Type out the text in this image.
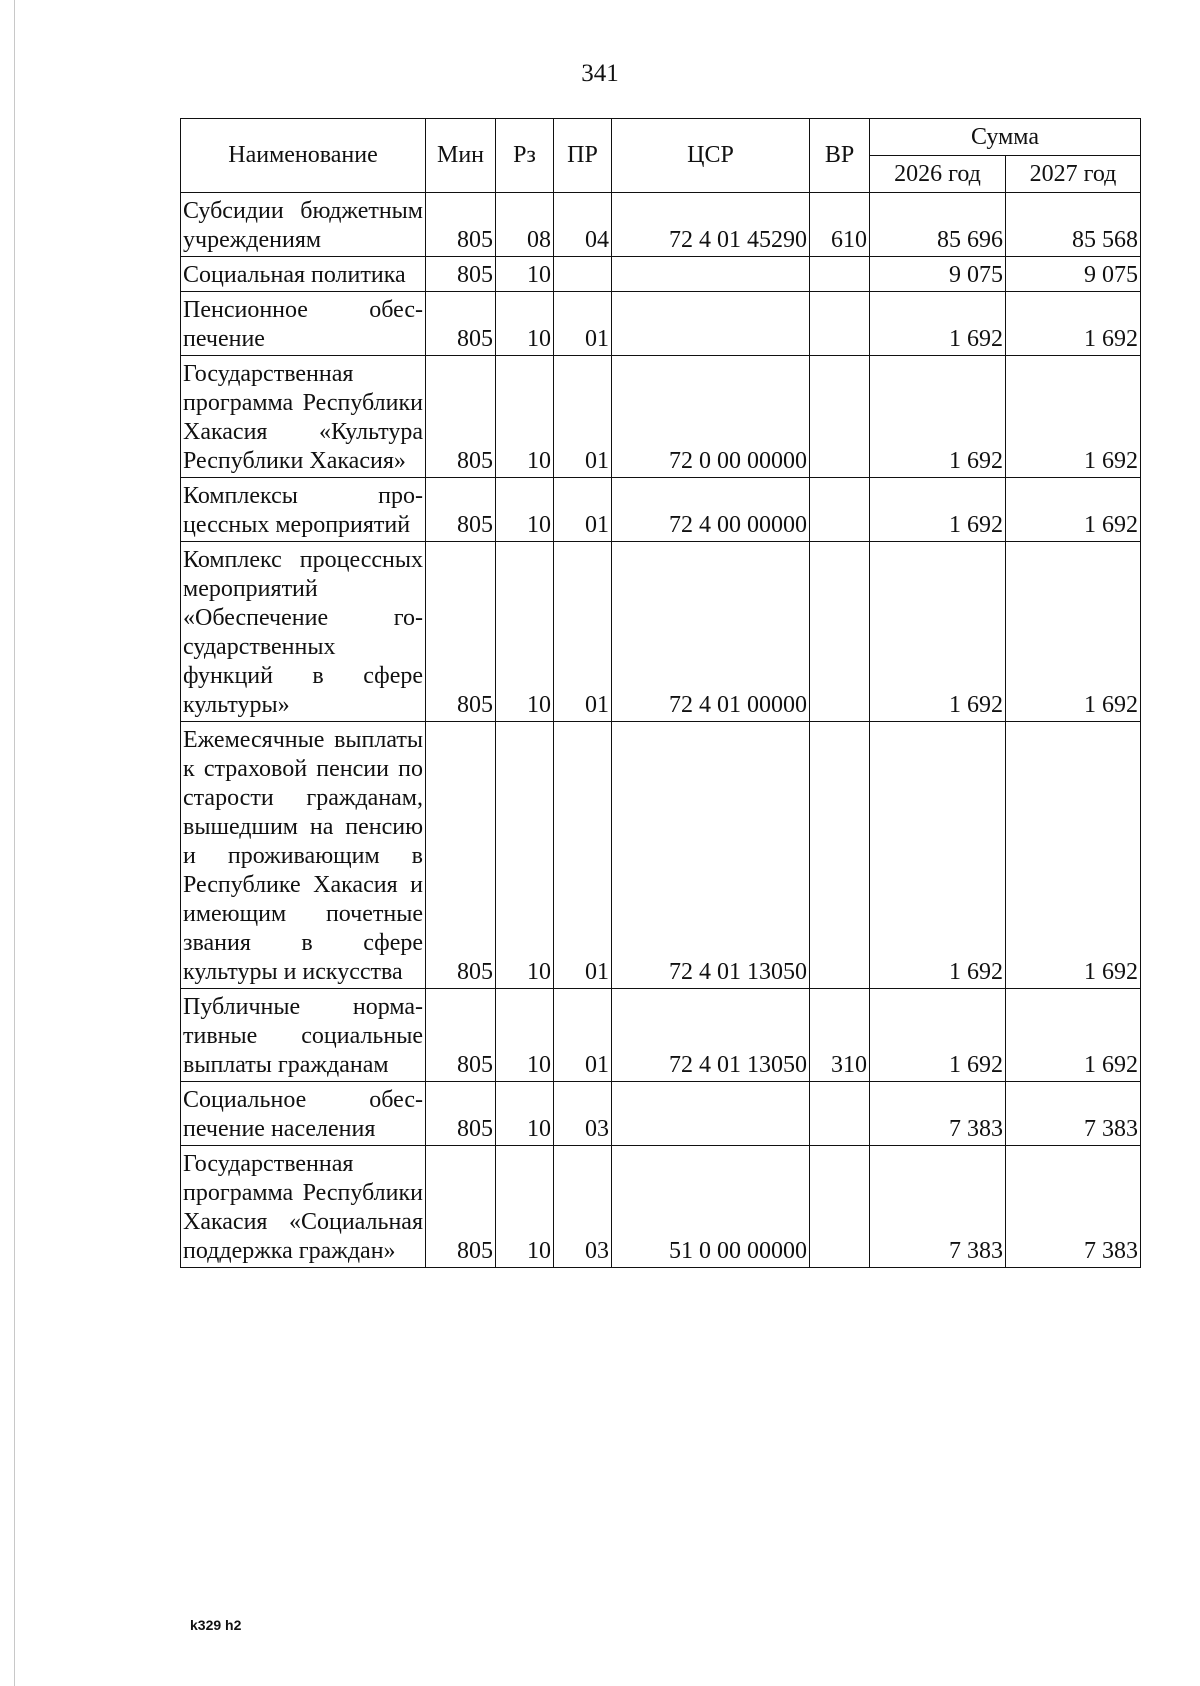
341
Наименование	Мин	Рз	ПР	ЦСР	ВР	Сумма	
						2026 год	2027 год
Субсидии бюджетным учреждениям	805	08	04	72 4 01 45290	610	85 696	85 568
Социальная политика	805	10				9 075	9 075
Пенсионное обеспечение	805	10	01			1 692	1 692
Государственная программа Республики Хакасия «Культура Республики Хакасия»	805	10	01	72 0 00 00000		1 692	1 692
Комплексы процессных мероприятий	805	10	01	72 4 00 00000		1 692	1 692
Комплекс процессных мероприятий «Обеспечение государственных функций в сфере культуры»	805	10	01	72 4 01 00000		1 692	1 692
Ежемесячные выплаты к страховой пенсии по старости гражданам, вышедшим на пенсию и проживающим в Республике Хакасия и имеющим почетные звания в сфере культуры и искусства	805	10	01	72 4 01 13050		1 692	1 692
Публичные нормативные социальные выплаты гражданам	805	10	01	72 4 01 13050	310	1 692	1 692
Социальное обеспечение населения	805	10	03			7 383	7 383
Государственная программа Республики Хакасия «Социальная поддержка граждан»	805	10	03	51 0 00 00000		7 383	7 383
k329 h2
